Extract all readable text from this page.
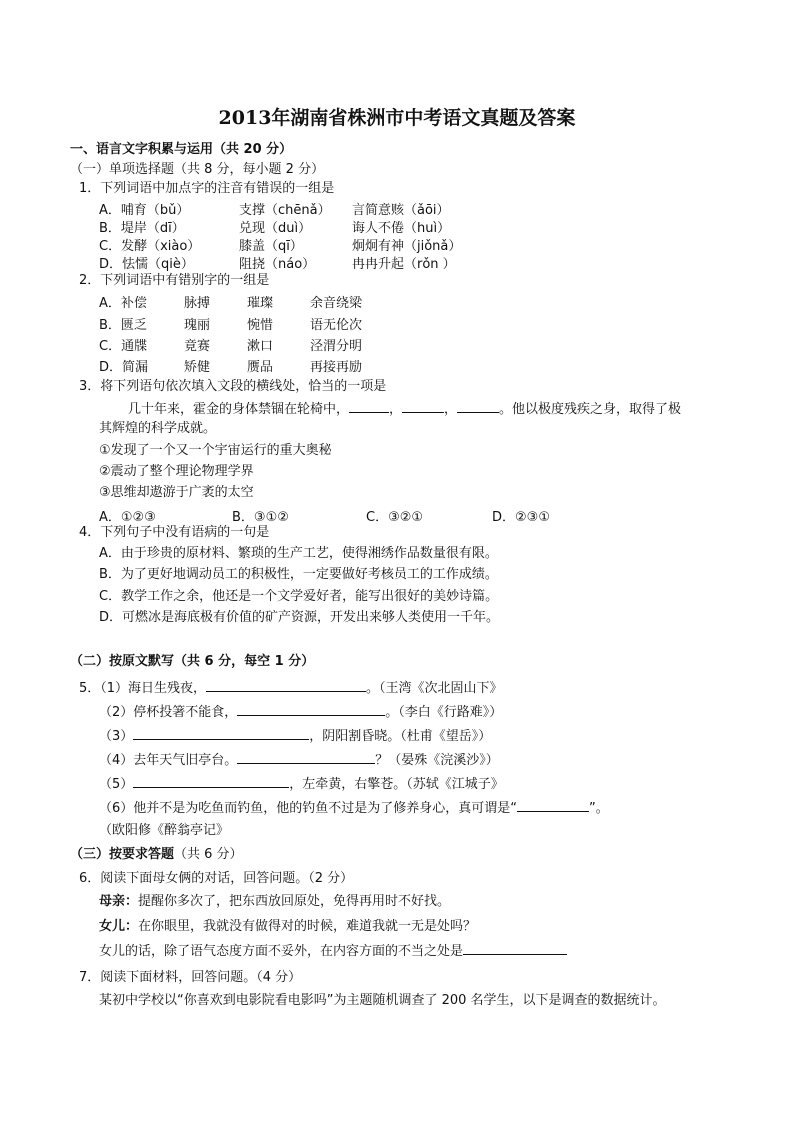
2013年湖南省株洲市中考语文真题及答案
一、语言文字积累与运用（共 20 分）
（一）单项选择题（共 8 分，每小题 2 分）
1．下列词语中加点字的注音有错误的一组是
A．哺育（bǔ）	支撑（chēnǎ） 言简意赅（ǎōi）
B．堤岸（dī）	兑现（duì）	诲人不倦（huì）
C．发酵（xiào）	膝盖（qī）	炯炯有神（jiǒnǎ）
D．怯懦（qiè）	阻挠（náo）	冉冉升起（rǒn ）
2．下列词语中有错别字的一组是
A．补偿	脉搏	璀璨	余音绕梁
B．匮乏	瑰丽	惋惜	语无伦次
C．通牒	竟赛	漱口	泾渭分明
D．简漏	矫健	赝品	再接再励
3．将下列语句依次填入文段的横线处，恰当的一项是
几十年来，霍金的身体禁锢在轮椅中，	，	，	。他以极度残疾之身，取得了极
其辉煌的科学成就。
①发现了一个又一个宇宙运行的重大奥秘
②震动了整个理论物理学界
③思维却遨游于广袤的太空
A．①②③	B．③①②	C．③②①	D．②③①
4．下列句子中没有语病的一句是
A．由于珍贵的原材料、繁琐的生产工艺，使得湘绣作品数量很有限。
B．为了更好地调动员工的积极性，一定要做好考核员工的工作成绩。
C．教学工作之余，他还是一个文学爱好者，能写出很好的美妙诗篇。
D．可燃冰是海底极有价值的矿产资源，开发出来够人类使用一千年。
（二）按原文默写（共 6 分，每空 1 分）
5．（1）海日生残夜，	。（王湾《次北固山下》
（2）停杯投箸不能食，	。（李白《行路难》）
（3）	，阴阳割昏晓。（杜甫《望岳》）
（4）去年天气旧亭台。	？（晏殊《浣溪沙》）
（5）	，左牵黄，右擎苍。（苏轼《江城子》
（6）他并不是为吃鱼而钓鱼，他的钓鱼不过是为了修养身心，真可谓是“	”。
（欧阳修《醉翁亭记》
（三）按要求答题（共 6 分）
6．阅读下面母女俩的对话，回答问题。（2 分）
母亲：提醒你多次了，把东西放回原处，免得再用时不好找。
女儿：在你眼里，我就没有做得对的时候，难道我就一无是处吗？
女儿的话，除了语气态度方面不妥外，在内容方面的不当之处是
7．阅读下面材料，回答问题。（4 分）
某初中学校以“你喜欢到电影院看电影吗”为主题随机调查了 200 名学生，以下是调查的数据统计。
